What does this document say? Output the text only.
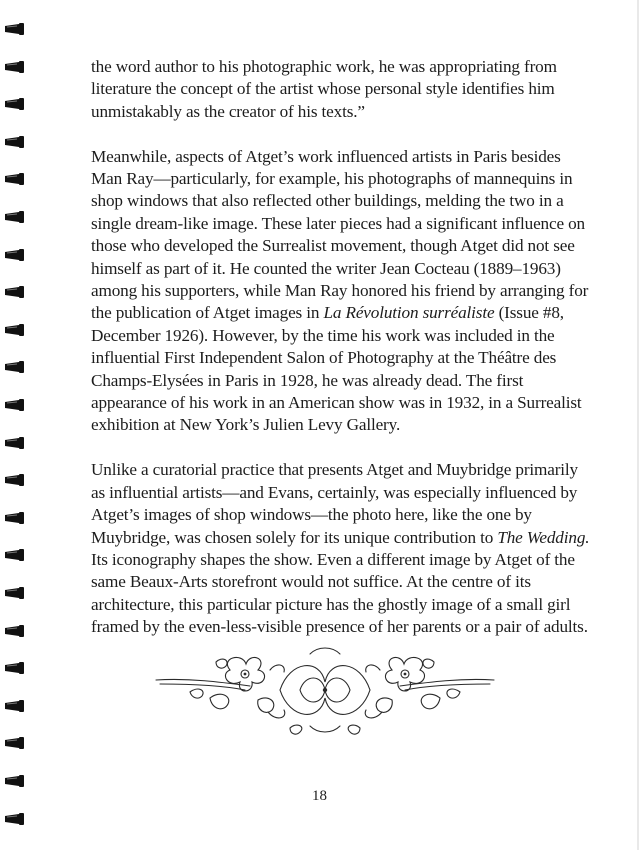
the word author to his photographic work, he was appropriating from literature the concept of the artist whose personal style identifies him unmistakably as the creator of his texts.”

Meanwhile, aspects of Atget’s work influenced artists in Paris besides Man Ray—particularly, for example, his photographs of mannequins in shop windows that also reflected other buildings, melding the two in a single dream-like image. These later pieces had a significant influence on those who developed the Surrealist movement, though Atget did not see himself as part of it. He counted the writer Jean Cocteau (1889–1963) among his supporters, while Man Ray honored his friend by arranging for the publication of Atget images in La Révolution surréaliste (Issue #8, December 1926). However, by the time his work was included in the influential First Independent Salon of Photography at the Théâtre des Champs-Elysées in Paris in 1928, he was already dead. The first appearance of his work in an American show was in 1932, in a Surrealist exhibition at New York’s Julien Levy Gallery.

Unlike a curatorial practice that presents Atget and Muybridge primarily as influential artists—and Evans, certainly, was especially influenced by Atget’s images of shop windows—the photo here, like the one by Muybridge, was chosen solely for its unique contribution to The Wedding. Its iconography shapes the show. Even a different image by Atget of the same Beaux-Arts storefront would not suffice. At the centre of its architecture, this particular picture has the ghostly image of a small girl framed by the even-less-visible presence of her parents or a pair of adults.

18
